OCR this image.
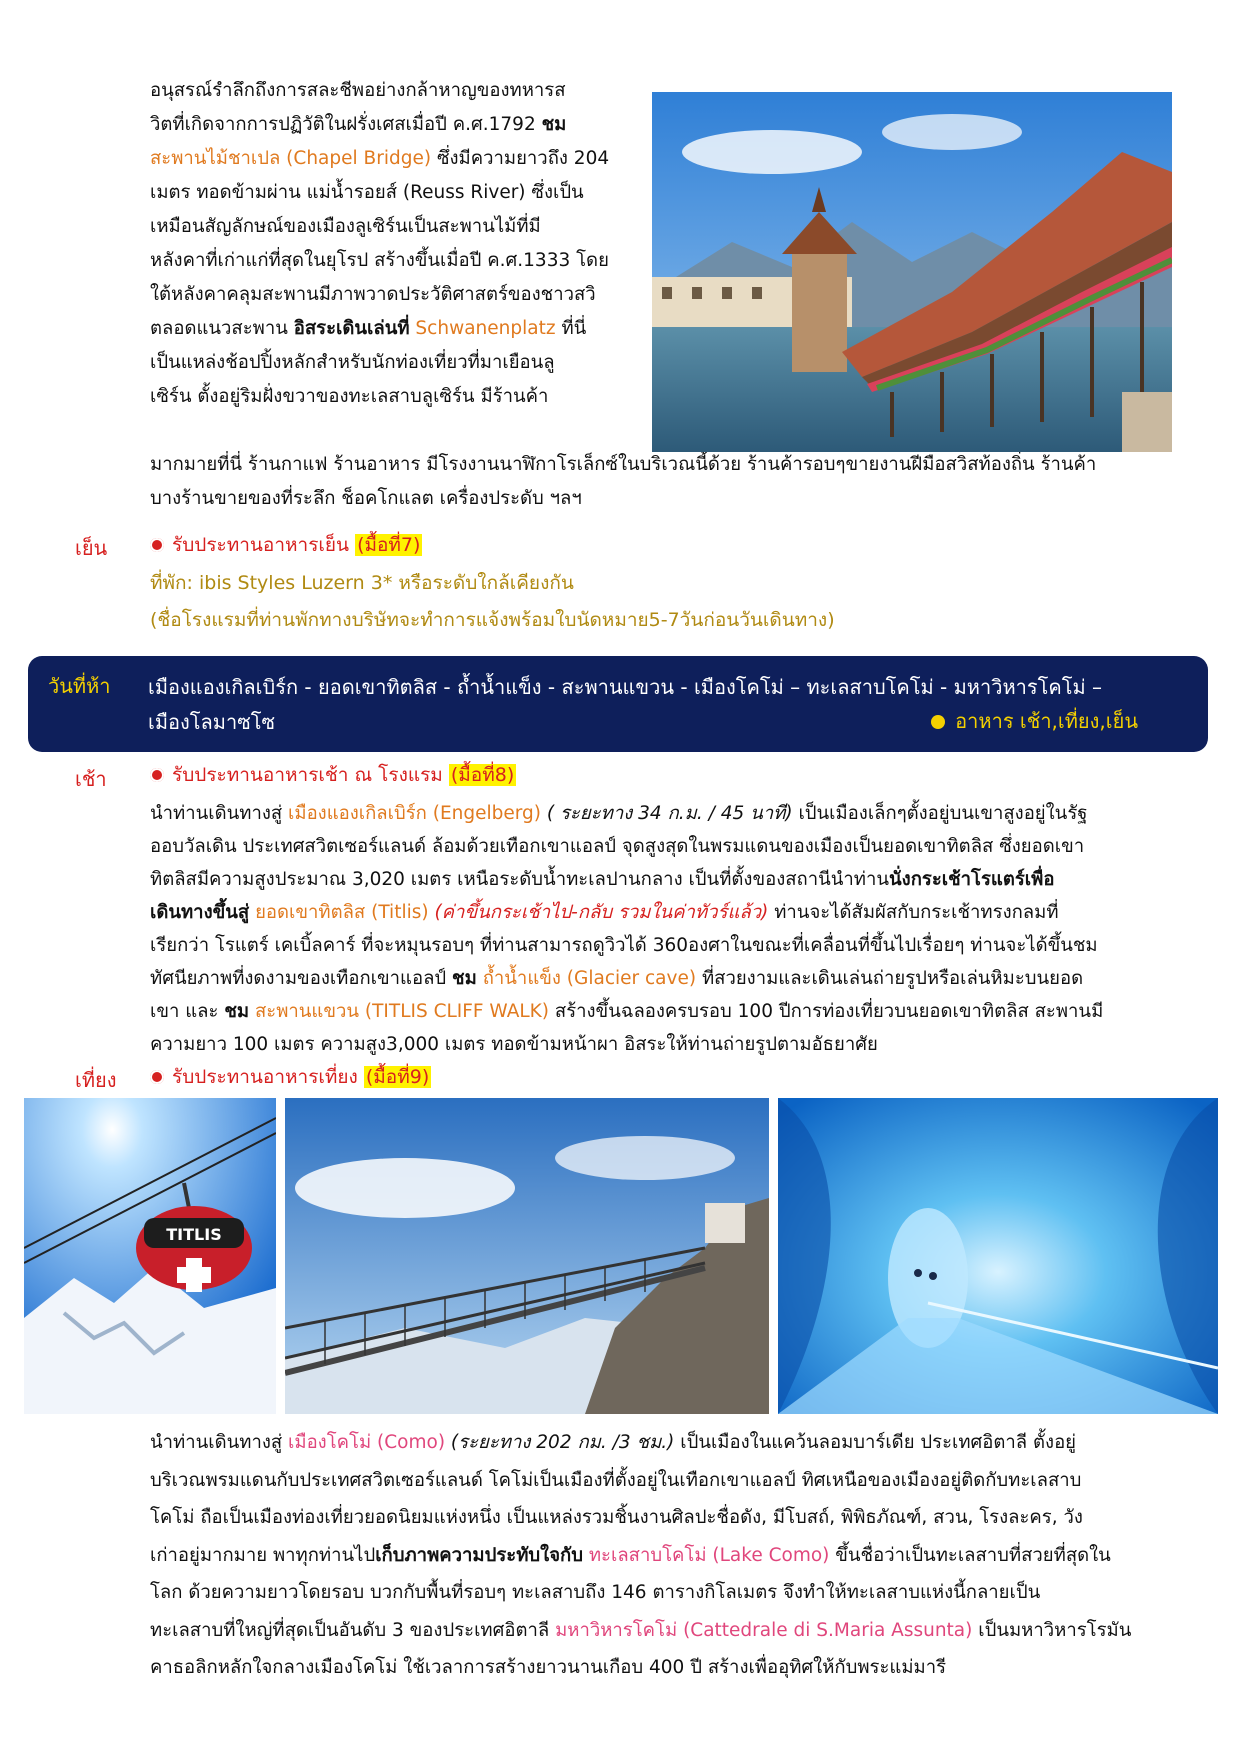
อนุสรณ์รำลึกถึงการสละชีพอย่างกล้าหาญของทหารส
วิตที่เกิดจากการปฏิวัติในฝรั่งเศสเมื่อปี ค.ศ.1792 ชม
สะพานไม้ชาเปล (Chapel Bridge) ซึ่งมีความยาวถึง 204
เมตร ทอดข้ามผ่าน แม่น้ำรอยส์ (Reuss River) ซึ่งเป็น
เหมือนสัญลักษณ์ของเมืองลูเซิร์นเป็นสะพานไม้ที่มี
หลังคาที่เก่าแก่ที่สุดในยุโรป สร้างขึ้นเมื่อปี ค.ศ.1333 โดย
ใต้หลังคาคลุมสะพานมีภาพวาดประวัติศาสตร์ของชาวสวิ
ตลอดแนวสะพาน อิสระเดินเล่นที่ Schwanenplatz ที่นี่
เป็นแหล่งช้อปปิ้งหลักสำหรับนักท่องเที่ยวที่มาเยือนลู
เซิร์น ตั้งอยู่ริมฝั่งขวาของทะเลสาบลูเซิร์น มีร้านค้า
มากมายที่นี่ ร้านกาแฟ ร้านอาหาร มีโรงงานนาฬิกาโรเล็กซ์ในบริเวณนี้ด้วย ร้านค้ารอบๆขายงานฝีมือสวิสท้องถิ่น ร้านค้า
บางร้านขายของที่ระลึก ช็อคโกแลต เครื่องประดับ ฯลฯ
เย็น	รับประทานอาหารเย็น (มื้อที่7)
ที่พัก: ibis Styles Luzern 3* หรือระดับใกล้เคียงกัน
(ชื่อโรงแรมที่ท่านพักทางบริษัทจะทำการแจ้งพร้อมใบนัดหมาย5-7วันก่อนวันเดินทาง)
วันที่ห้า เมืองแองเกิลเบิร์ก - ยอดเขาทิตลิส - ถ้ำน้ำแข็ง - สะพานแขวน - เมืองโคโม่ – ทะเลสาบโคโม่ - มหาวิหารโคโม่ –
เมืองโลมาซโซ	อาหาร เช้า,เที่ยง,เย็น
เช้า	รับประทานอาหารเช้า ณ โรงแรม (มื้อที่8)
นำท่านเดินทางสู่ เมืองแองเกิลเบิร์ก (Engelberg) ( ระยะทาง 34 ก.ม. / 45 นาที) เป็นเมืองเล็กๆตั้งอยู่บนเขาสูงอยู่ในรัฐ
ออบวัลเดิน ประเทศสวิตเซอร์แลนด์ ล้อมด้วยเทือกเขาแอลป์ จุดสูงสุดในพรมแดนของเมืองเป็นยอดเขาทิตลิส ซึ่งยอดเขา
ทิตลิสมีความสูงประมาณ 3,020 เมตร เหนือระดับน้ำทะเลปานกลาง เป็นที่ตั้งของสถานีนำท่านนั่งกระเช้าโรแตร์เพื่อ
เดินทางขึ้นสู่ ยอดเขาทิตลิส (Titlis) (ค่าขึ้นกระเช้าไป-กลับ รวมในค่าทัวร์แล้ว) ท่านจะได้สัมผัสกับกระเช้าทรงกลมที่
เรียกว่า โรแตร์ เคเบิ้ลคาร์ ที่จะหมุนรอบๆ ที่ท่านสามารถดูวิวได้ 360องศาในขณะที่เคลื่อนที่ขึ้นไปเรื่อยๆ ท่านจะได้ขึ้นชม
ทัศนียภาพที่งดงามของเทือกเขาแอลป์ ชม ถ้ำน้ำแข็ง (Glacier cave) ที่สวยงามและเดินเล่นถ่ายรูปหรือเล่นหิมะบนยอด
เขา และ ชม สะพานแขวน (TITLIS CLIFF WALK) สร้างขึ้นฉลองครบรอบ 100 ปีการท่องเที่ยวบนยอดเขาทิตลิส สะพานมี
ความยาว 100 เมตร ความสูง3,000 เมตร ทอดข้ามหน้าผา อิสระให้ท่านถ่ายรูปตามอัธยาศัย
เที่ยง	รับประทานอาหารเที่ยง (มื้อที่9)
TITLIS
นำท่านเดินทางสู่ เมืองโคโม่ (Como) (ระยะทาง 202 กม. /3 ชม.) เป็นเมืองในแคว้นลอมบาร์เดีย ประเทศอิตาลี ตั้งอยู่
บริเวณพรมแดนกับประเทศสวิตเซอร์แลนด์ โคโม่เป็นเมืองที่ตั้งอยู่ในเทือกเขาแอลป์ ทิศเหนือของเมืองอยู่ติดกับทะเลสาบ
โคโม่ ถือเป็นเมืองท่องเที่ยวยอดนิยมแห่งหนึ่ง เป็นแหล่งรวมชิ้นงานศิลปะชื่อดัง, มีโบสถ์, พิพิธภัณฑ์, สวน, โรงละคร, วัง
เก่าอยู่มากมาย พาทุกท่านไปเก็บภาพความประทับใจกับ ทะเลสาบโคโม่ (Lake Como) ขึ้นชื่อว่าเป็นทะเลสาบที่สวยที่สุดใน
โลก ด้วยความยาวโดยรอบ บวกกับพื้นที่รอบๆ ทะเลสาบถึง 146 ตารางกิโลเมตร จึงทำให้ทะเลสาบแห่งนี้กลายเป็น
ทะเลสาบที่ใหญ่ที่สุดเป็นอันดับ 3 ของประเทศอิตาลี มหาวิหารโคโม่ (Cattedrale di S.Maria Assunta) เป็นมหาวิหารโรมัน
คาธอลิกหลักใจกลางเมืองโคโม่ ใช้เวลาการสร้างยาวนานเกือบ 400 ปี สร้างเพื่ออุทิศให้กับพระแม่มารี
